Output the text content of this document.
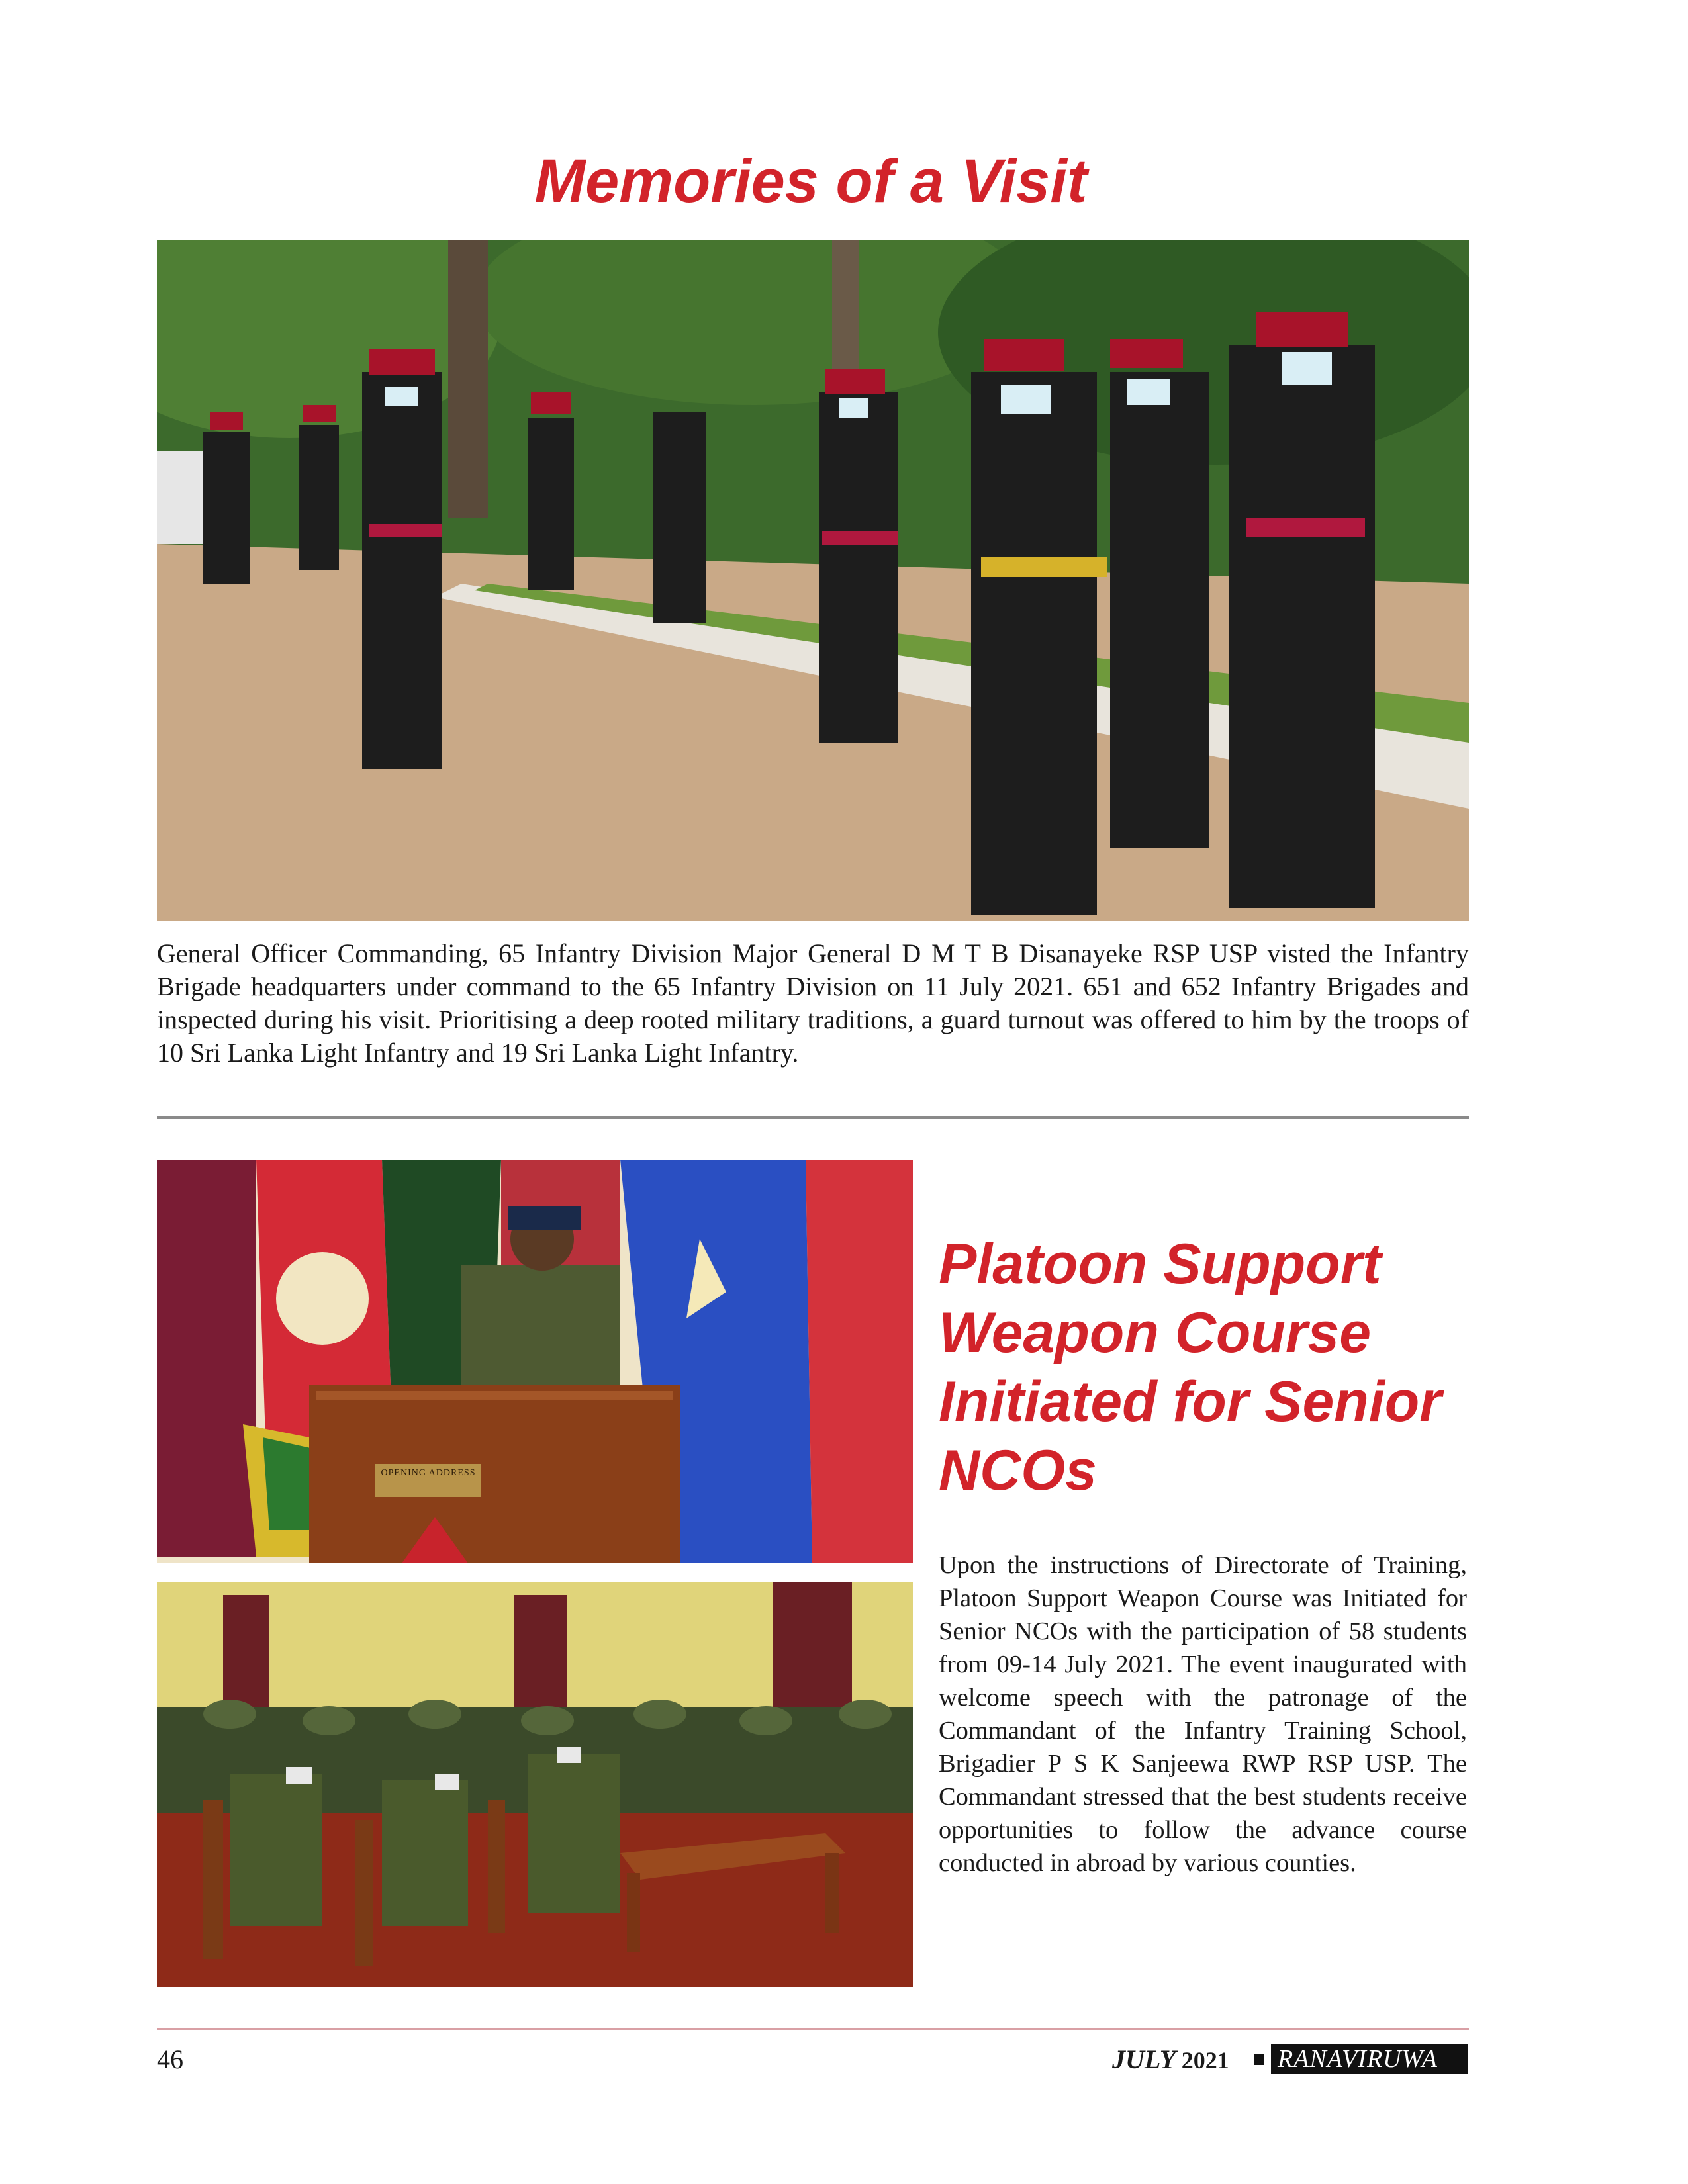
Memories of a Visit
General Officer Commanding, 65 Infantry Division Major General D M T B Disanayeke RSP USP visted the Infantry Brigade headquarters under command to the 65 Infantry Division on 11 July 2021. 651 and 652 Infantry Brigades and inspected during his visit. Prioritising a deep rooted military traditions, a guard turnout was offered to him by the troops of 10 Sri Lanka Light Infantry and 19 Sri Lanka Light Infantry.
OPENING ADDRESS
Platoon Support Weapon Course Initiated for Senior NCOs
Upon the instructions of Directorate of Training, Platoon Support Weapon Course was Initiated for Senior NCOs with the participation of 58 students from 09-14 July 2021. The event inaugurated with welcome speech with the patronage of the Commandant of the Infantry Training School, Brigadier P S K Sanjeewa RWP RSP USP. The Commandant stressed that the best students receive opportunities to follow the advance course conducted in abroad by various counties.
46	JULY 2021 RANAVIRUWA
